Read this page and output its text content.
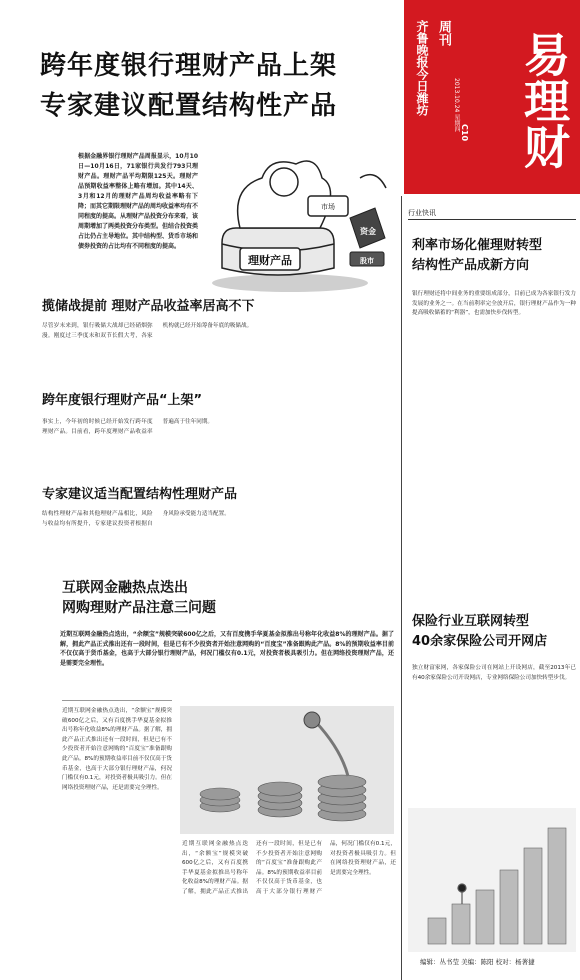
跨年度银行理财产品上架
专家建议配置结构性产品
根据金融界银行理财产品周报显示，10月10日—10月16日，71家银行共发行793只理财产品。理财产品平均期限125天。理财产品预期收益率整体上略有增加。其中14天、3月和12月的理财产品周均收益率略有下降；而其它期限理财产品的周均收益率均有不同程度的提高。从理财产品投资分布来看，该周期增加了两类投资分布类型。但结合投资类占比仍占主导地位。其中结构型、货币市场和债券投资的占比均有不同程度的提高。
理财产品
资金
股市
市场
揽储战提前 理财产品收益率居高不下
尽管岁末来到，银行吸储大战却已经硝烟弥漫。刚度过三季度末和双节长假大考，各家机构就已经开始筹备年底的吸储战。
跨年度银行理财产品“上架”
事实上，今年初的时候已经开始发行跨年度理财产品。目前看，跨年度理财产品收益率普遍高于往年同期。
专家建议适当配置结构性理财产品
结构性理财产品和其他理财产品相比，风险与收益均有所提升，专家建议投资者根据自身风险承受能力适当配置。
互联网金融热点迭出
网购理财产品注意三问题
近期互联网金融热点迭出，“余额宝”规模突破600亿之后，又有百度携手华夏基金拟推出号称年化收益8%的理财产品。据了解，拥此产品正式推出还有一段时间，但是已有不少投资者开始注意网购的“百度宝”准备跟购此产品。8%的预期收益率目前不仅仅高于货币基金，也高于大部分银行理财产品，何况门槛仅有0.1元，对投资者极具吸引力。但在网络投资理财产品，还是需要完全理性。
近期互联网金融热点迭出，“余额宝”规模突破600亿之后，又有百度携手华夏基金拟推出号称年化收益8%的理财产品。据了解，拥此产品正式推出还有一段时间，但是已有不少投资者开始注意网购的“百度宝”准备跟购此产品。8%的预期收益率目前不仅仅高于货币基金，也高于大部分银行理财产品，何况门槛仅有0.1元，对投资者极具吸引力。但在网络投资理财产品，还是需要完全理性。
近期互联网金融热点迭出，“余额宝”规模突破600亿之后，又有百度携手华夏基金拟推出号称年化收益8%的理财产品。据了解，拥此产品正式推出还有一段时间，但是已有不少投资者开始注意网购的“百度宝”准备跟购此产品。8%的预期收益率目前不仅仅高于货币基金，也高于大部分银行理财产品，何况门槛仅有0.1元，对投资者极具吸引力。但在网络投资理财产品，还是需要完全理性。
齐鲁晚报今日潍坊 周刊
2013.10.24 星期四
C10	易理财
行业快讯
利率市场化催理财转型
结构性产品成新方向
银行理财还将中间业务的重要组成部分，目前已成为各家银行发力发展的业务之一。在当前利率完全放开后，银行理财产品作为一种提高吸收储蓄的“利器”，也需加快步伐转型。
保险行业互联网转型
40余家保险公司开网店
独立财富家网，各家保险公司在网站上开设网店，截至2013年已有40余家保险公司开设网店，专业网络保险公司加快转型步伐。
编辑：丛书莹 美编：陈阳 校对：杨著捷
